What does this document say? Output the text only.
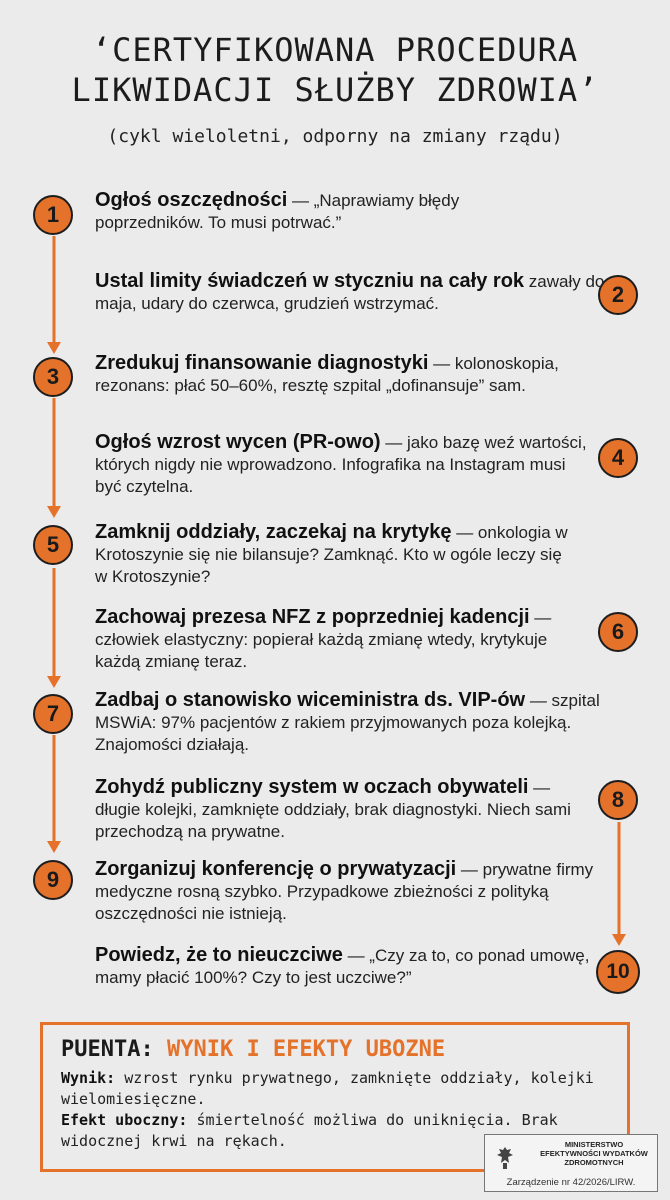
‘CERTYFIKOWANA PROCEDURA
LIKWIDACJI SŁUŻBY ZDROWIA’
(cykl wieloletni, odporny na zmiany rządu)
1
2
3
4
5
6
7
8
9
10
Ogłoś oszczędności — „Naprawiamy błędy poprzedników. To musi potrwać.”
Ustal limity świadczeń w styczniu na cały rok zawały do maja, udary do czerwca, grudzień wstrzymać.
Zredukuj finansowanie diagnostyki — kolonoskopia, rezonans: płać 50–60%, resztę szpital „dofinansuje” sam.
Ogłoś wzrost wycen (PR-owo) — jako bazę weź wartości, których nigdy nie wprowadzono. Infografika na Instagram musi być czytelna.
Zamknij oddziały, zaczekaj na krytykę — onkologia w Krotoszynie się nie bilansuje? Zamknąć. Kto w ogóle leczy się w Krotoszynie?
Zachowaj prezesa NFZ z poprzedniej kadencji — człowiek elastyczny: popierał każdą zmianę wtedy, krytykuje każdą zmianę teraz.
Zadbaj o stanowisko wiceministra ds. VIP-ów — szpital MSWiA: 97% pacjentów z rakiem przyjmowanych poza kolejką. Znajomości działają.
Zohydź publiczny system w oczach obywateli — długie kolejki, zamknięte oddziały, brak diagnostyki. Niech sami przechodzą na prywatne.
Zorganizuj konferencję o prywatyzacji — prywatne firmy medyczne rosną szybko. Przypadkowe zbieżności z polityką oszczędności nie istnieją.
Powiedz, że to nieuczciwe — „Czy za to, co ponad umowę, mamy płacić 100%? Czy to jest uczciwe?”
PUENTA: WYNIK I EFEKTY UBOZNE
Wynik: wzrost rynku prywatnego, zamknięte oddziały, kolejki wielomiesięczne.
Efekt uboczny: śmiertelność możliwa do uniknięcia. Brak widocznej krwi na rękach.	MINISTERSTWO
EFEKTYWNOŚCI WYDATKÓW
ZDROMOTNYCH
Zarządzenie nr 42/2026/LIRW.
